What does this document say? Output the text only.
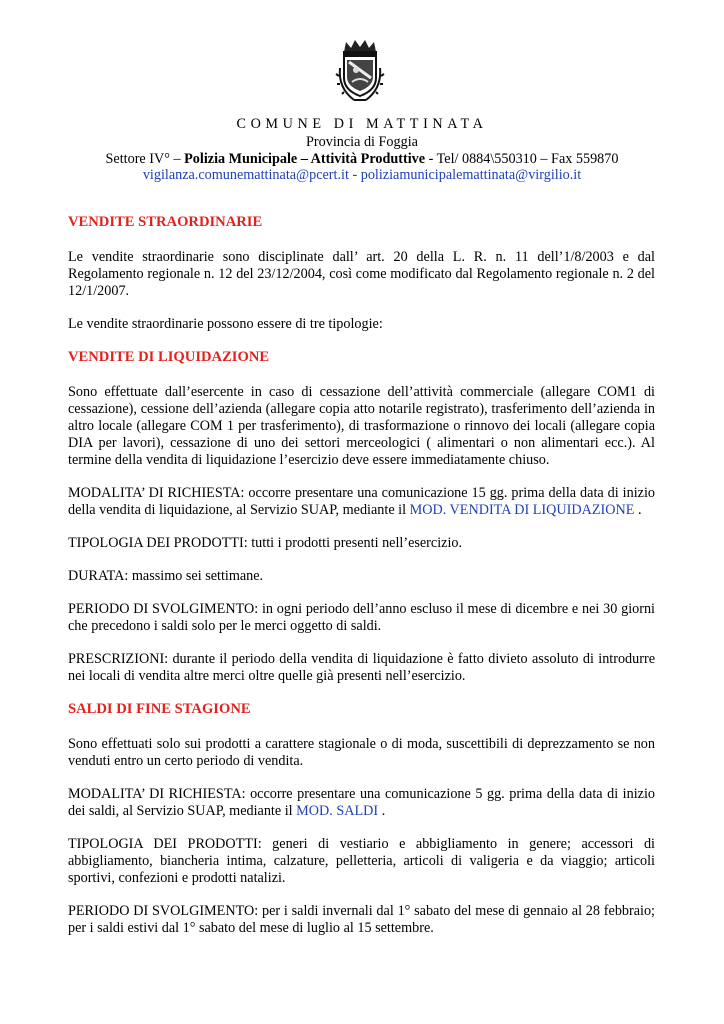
COMUNE DI MATTINATA
Provincia di Foggia
Settore IV° – Polizia Municipale – Attività Produttive - Tel/ 0884\550310 – Fax 559870
vigilanza.comunemattinata@pcert.it - poliziamunicipalemattinata@virgilio.it
VENDITE STRAORDINARIE

Le vendite straordinarie sono disciplinate dall’ art. 20 della L. R. n. 11 dell’1/8/2003 e dal Regolamento regionale n. 12 del 23/12/2004, così come modificato dal Regolamento regionale n. 2 del 12/1/2007.

Le vendite straordinarie possono essere di tre tipologie:

VENDITE DI LIQUIDAZIONE

Sono effettuate dall’esercente in caso di cessazione dell’attività commerciale (allegare COM1 di cessazione), cessione dell’azienda (allegare copia atto notarile registrato), trasferimento dell’azienda in altro locale (allegare COM 1 per trasferimento), di trasformazione o rinnovo dei locali (allegare copia DIA per lavori), cessazione di uno dei settori merceologici ( alimentari o non alimentari ecc.). Al termine della vendita di liquidazione l’esercizio deve essere immediatamente chiuso.

MODALITA’ DI RICHIESTA: occorre presentare una comunicazione 15 gg. prima della data di inizio della vendita di liquidazione, al Servizio SUAP, mediante il MOD. VENDITA DI LIQUIDAZIONE .

TIPOLOGIA DEI PRODOTTI: tutti i prodotti presenti nell’esercizio.

DURATA: massimo sei settimane.

PERIODO DI SVOLGIMENTO: in ogni periodo dell’anno escluso il mese di dicembre e nei 30 giorni che precedono i saldi solo per le merci oggetto di saldi.

PRESCRIZIONI: durante il periodo della vendita di liquidazione è fatto divieto assoluto di introdurre nei locali di vendita altre merci oltre quelle già presenti nell’esercizio.

SALDI DI FINE STAGIONE

Sono effettuati solo sui prodotti a carattere stagionale o di moda, suscettibili di deprezzamento se non venduti entro un certo periodo di vendita.

MODALITA’ DI RICHIESTA: occorre presentare una comunicazione 5 gg. prima della data di inizio dei saldi, al Servizio SUAP, mediante il MOD. SALDI .

TIPOLOGIA DEI PRODOTTI: generi di vestiario e abbigliamento in genere; accessori di abbigliamento, biancheria intima, calzature, pelletteria, articoli di valigeria e da viaggio; articoli sportivi, confezioni e prodotti natalizi.

PERIODO DI SVOLGIMENTO: per i saldi invernali dal 1° sabato del mese di gennaio al 28 febbraio; per i saldi estivi dal 1° sabato del mese di luglio al 15 settembre.
